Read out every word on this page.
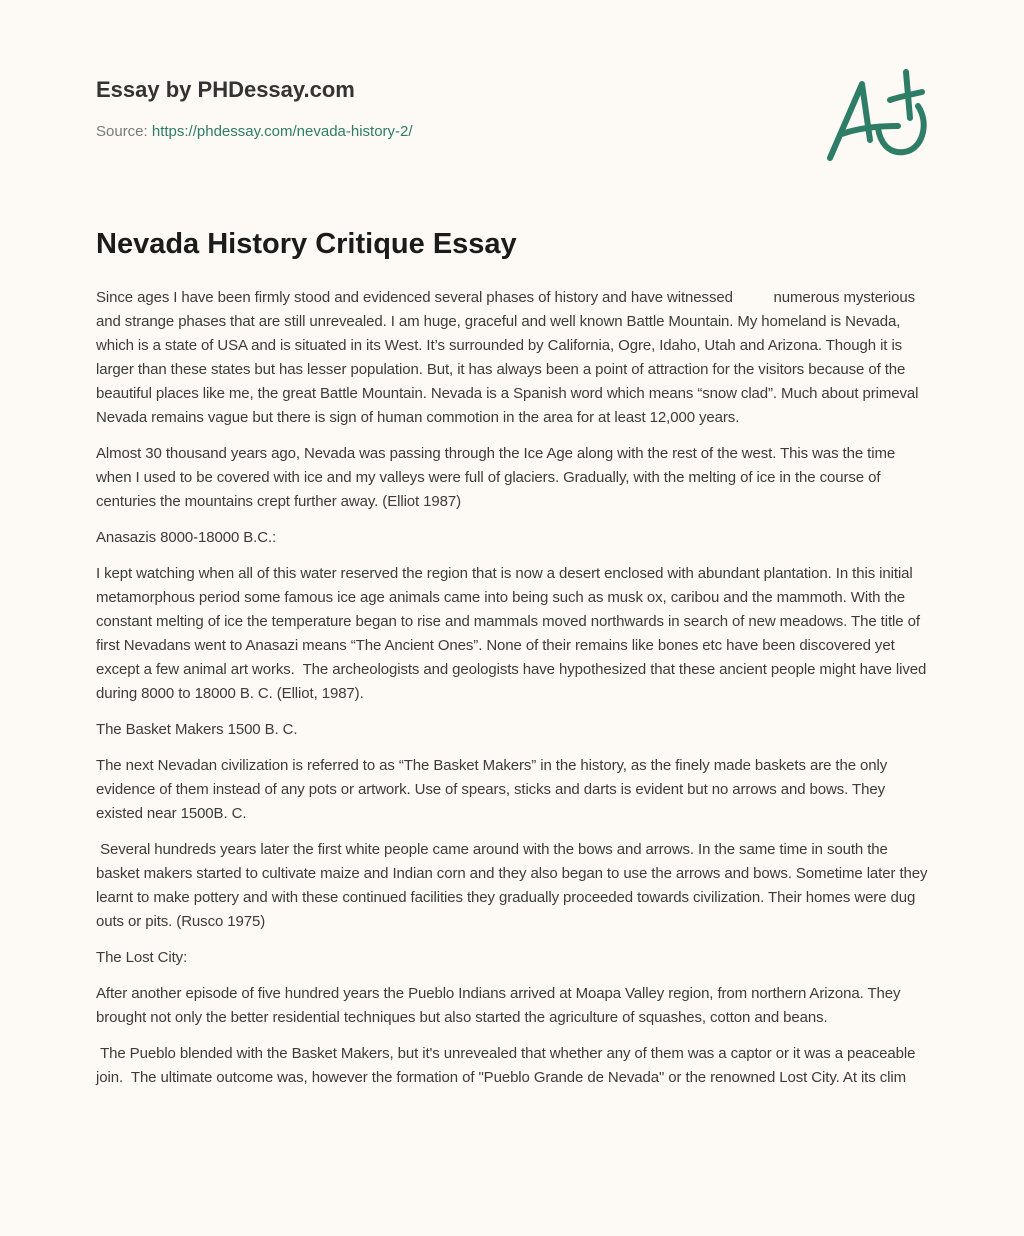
Essay by PHDessay.com

Source: https://phdessay.com/nevada-history-2/
Nevada History Critique Essay

Since ages I have been firmly stood and evidenced several phases of history and have witnessed          numerous mysterious and strange phases that are still unrevealed. I am huge, graceful and well known Battle Mountain. My homeland is Nevada, which is a state of USA and is situated in its West. It’s surrounded by California, Ogre, Idaho, Utah and Arizona. Though it is larger than these states but has lesser population. But, it has always been a point of attraction for the visitors because of the beautiful places like me, the great Battle Mountain. Nevada is a Spanish word which means “snow clad”. Much about primeval Nevada remains vague but there is sign of human commotion in the area for at least 12,000 years.

Almost 30 thousand years ago, Nevada was passing through the Ice Age along with the rest of the west. This was the time when I used to be covered with ice and my valleys were full of glaciers. Gradually, with the melting of ice in the course of centuries the mountains crept further away. (Elliot 1987)

Anasazis 8000-18000 B.C.:

I kept watching when all of this water reserved the region that is now a desert enclosed with abundant plantation. In this initial metamorphous period some famous ice age animals came into being such as musk ox, caribou and the mammoth. With the constant melting of ice the temperature began to rise and mammals moved northwards in search of new meadows. The title of first Nevadans went to Anasazi means “The Ancient Ones”. None of their remains like bones etc have been discovered yet except a few animal art works.  The archeologists and geologists have hypothesized that these ancient people might have lived during 8000 to 18000 B. C. (Elliot, 1987).

The Basket Makers 1500 B. C.

The next Nevadan civilization is referred to as “The Basket Makers” in the history, as the finely made baskets are the only evidence of them instead of any pots or artwork. Use of spears, sticks and darts is evident but no arrows and bows. They existed near 1500B. C.

Several hundreds years later the first white people came around with the bows and arrows. In the same time in south the basket makers started to cultivate maize and Indian corn and they also began to use the arrows and bows. Sometime later they learnt to make pottery and with these continued facilities they gradually proceeded towards civilization. Their homes were dug outs or pits. (Rusco 1975)

The Lost City:

After another episode of five hundred years the Pueblo Indians arrived at Moapa Valley region, from northern Arizona. They brought not only the better residential techniques but also started the agriculture of squashes, cotton and beans.

The Pueblo blended with the Basket Makers, but it's unrevealed that whether any of them was a captor or it was a peaceable join.  The ultimate outcome was, however the formation of "Pueblo Grande de Nevada" or the renowned Lost City. At its clim
